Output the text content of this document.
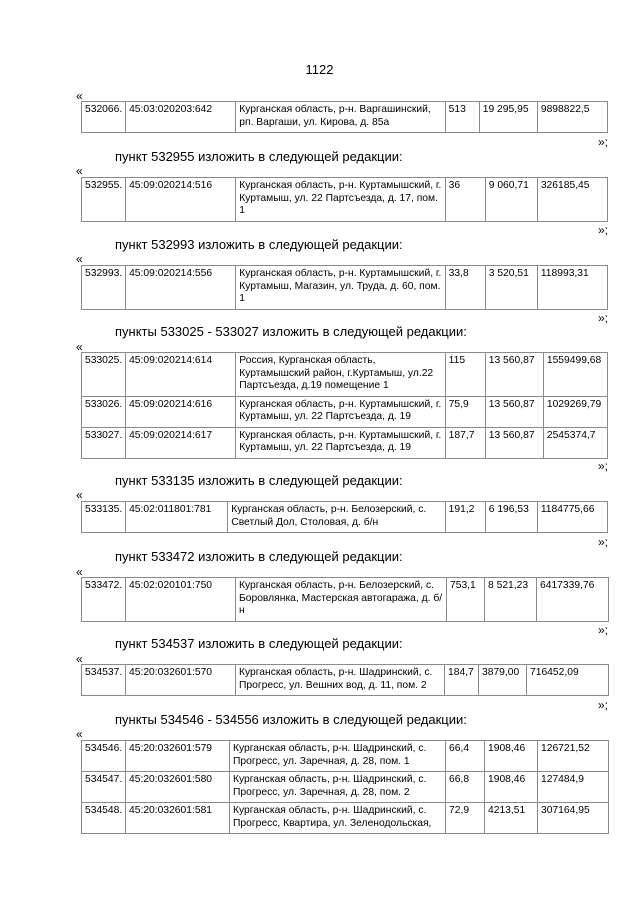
1122
«
532066.	45:03:020203:642	Курганская область, р-н. Варгашинский, рп. Варгаши, ул. Кирова, д. 85а	513	19 295,95	9898822,5
»;
пункт 532955 изложить в следующей редакции:
«
532955.	45:09:020214:516	Курганская область, р-н. Куртамышский, г. Куртамыш, ул. 22 Партсъезда, д. 17, пом. 1	36	9 060,71	326185,45
»;
пункт 532993 изложить в следующей редакции:
«
532993.	45:09:020214:556	Курганская область, р-н. Куртамышский, г. Куртамыш, Магазин, ул. Труда, д. 60, пом. 1	33,8	3 520,51	118993,31
»;
пункты 533025 - 533027 изложить в следующей редакции:
«
533025.	45:09:020214:614	Россия, Курганская область, Куртамышский район, г.Куртамыш, ул.22 Партсъезда, д.19 помещение 1	115	13 560,87	1559499,68
533026.	45:09:020214:616	Курганская область, р-н. Куртамышский, г. Куртамыш, ул. 22 Партсъезда, д. 19	75,9	13 560,87	1029269,79
533027.	45:09:020214:617	Курганская область, р-н. Куртамышский, г. Куртамыш, ул. 22 Партсъезда, д. 19	187,7	13 560,87	2545374,7
»;
пункт 533135 изложить в следующей редакции:
«
533135.	45:02:011801:781	Курганская область, р-н. Белозерский, с. Светлый Дол, Столовая, д. б/н	191,2	6 196,53	1184775,66
»;
пункт 533472 изложить в следующей редакции:
«
533472.	45:02:020101:750	Курганская область, р-н. Белозерский, с. Боровлянка, Мастерская автогаража, д. б/н	753,1	8 521,23	6417339,76
»;
пункт 534537 изложить в следующей редакции:
«
534537.	45:20:032601:570	Курганская область, р-н. Шадринский, с. Прогресс, ул. Вешних вод, д. 11, пом. 2	184,7	3879,00	716452,09
»;
пункты 534546 - 534556 изложить в следующей редакции:
«
534546.	45:20:032601:579	Курганская область, р-н. Шадринский, с. Прогресс, ул. Заречная, д. 28, пом. 1	66,4	1908,46	126721,52
534547.	45:20:032601:580	Курганская область, р-н. Шадринский, с. Прогресс, ул. Заречная, д. 28, пом. 2	66,8	1908,46	127484,9
534548.	45:20:032601:581	Курганская область, р-н. Шадринский, с. Прогресс, Квартира, ул. Зеленодольская,	72,9	4213,51	307164,95
